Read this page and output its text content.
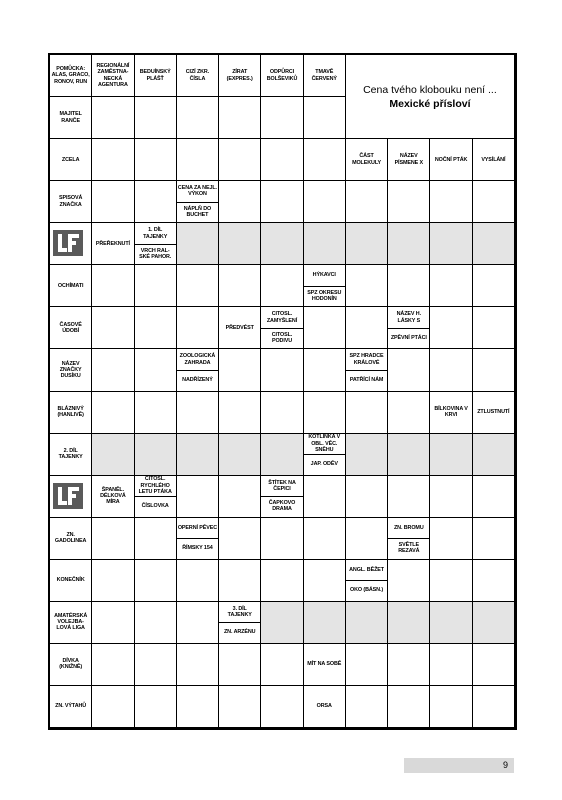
POMŮCKA: ALAS, GRACO, RONOV, RUN
REGIONÁLNÍ ZAMĚSTNA-NECKÁ AGENTURA
BEDUÍNSKÝ PLÁŠŤ
CIZÍ ZKR. ČÍSLA
ZÍRAT (EXPRES.)
ODPŮRCI BOLŠEVIKŮ
TMAVĚ ČERVENÝ
Cena tvého klobouku není ...
Mexické přísloví
MAJITEL RANČE
ZCELA
SPISOVÁ ZNAČKA
OCHÍMATI
ČASOVÉ ÚDOBÍ
NÁZEV ZNAČKY DUSÍKU
BLÁZNIVÝ (HANLIVĚ)
2. DÍL TAJENKY
ZN. GADOLINEA
KONEČNÍK
AMATÉRSKÁ VOLEJBA-LOVÁ LIGA
DÍVKA (KNIŽNĚ)
ZN. VÝTAHŮ
ČÁST MOLEKULY
NÁZEV PÍSMENE X
NOČNÍ PTÁK	VYSÍLÁNÍ
PŘEŘEKNUTÍ
PŘEDVÉST
BÍLKOVINA V KRVI
ZTLUSTNUTÍ
ŠPANĚL. DÉLKOVÁ MÍRA
MÍT NA SOBĚ
ORSA
CENA ZA NEJL. VÝKON
NÁPLŇ DO BUCHET
1. DÍL TAJENKY
VRCH RAL-SKÉ PAHOR.
HÝKAVCI
SPZ OKRESU HODONÍN
CITOSL. ZAMYŠLENÍ
CITOSL. PODIVU
NÁZEV H. LÁSKY S
ZPĚVNÍ PTÁCI
ZOOLOGICKÁ ZAHRADA
NADŘÍZENÝ
SPZ HRADCE KRÁLOVÉ
PATŘÍCÍ NÁM
KOTLINKA V OBL. VĚC. SNĚHU
JAP. ODĚV
CITOSL. RYCHLÉHO LETU PTÁKA
ČÍSLOVKA
ŠTÍTEK NA ČEPICI
ČAPKOVO DRAMA
ZN. BROMU
SVĚTLE REZAVÁ
OPERNÍ PĚVEC
ŘÍMSKY 154
ANGL. BĚŽET
OKO (BÁSN.)
3. DÍL TAJENKY
ZN. ARZÉNU
9
